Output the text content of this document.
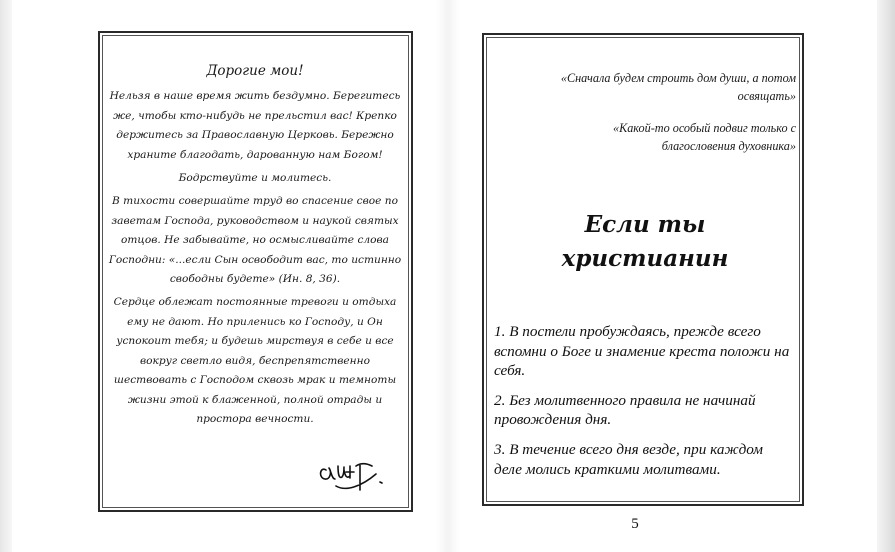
Дорогие мои!

Нельзя в наше время жить бездумно. Берегитесь же, чтобы кто-нибудь не прельстил вас! Крепко держитесь за Православную Церковь. Бережно храните благодать, дарованную нам Богом!

Бодрствуйте и молитесь.

В тихости совершайте труд во спасение свое по заветам Господа, руководством и наукой святых отцов. Не забывайте, но осмысливайте слова Господни: «...если Сын освободит вас, то истинно свободны будете» (Ин. 8, 36).

Сердце облежат постоянные тревоги и отдыха ему не дают. Но приленись ко Господу, и Он успокоит тебя; и будешь мирствуя в себе и все вокруг светло видя, беспрепятственно шествовать с Господом сквозь мрак и темноты жизни этой к блаженной, полной отрады и простора вечности.

«Сначала будем строить дом души, а потом освящать»

«Какой-то особый подвиг только с благословения духовника»

Если ты
христианин

1. В постели пробуждаясь, прежде всего вспомни о Боге и знамение креста положи на себя.

2. Без молитвенного правила не начинай провождения дня.

3. В течение всего дня везде, при каждом деле молись краткими молитвами.

5
